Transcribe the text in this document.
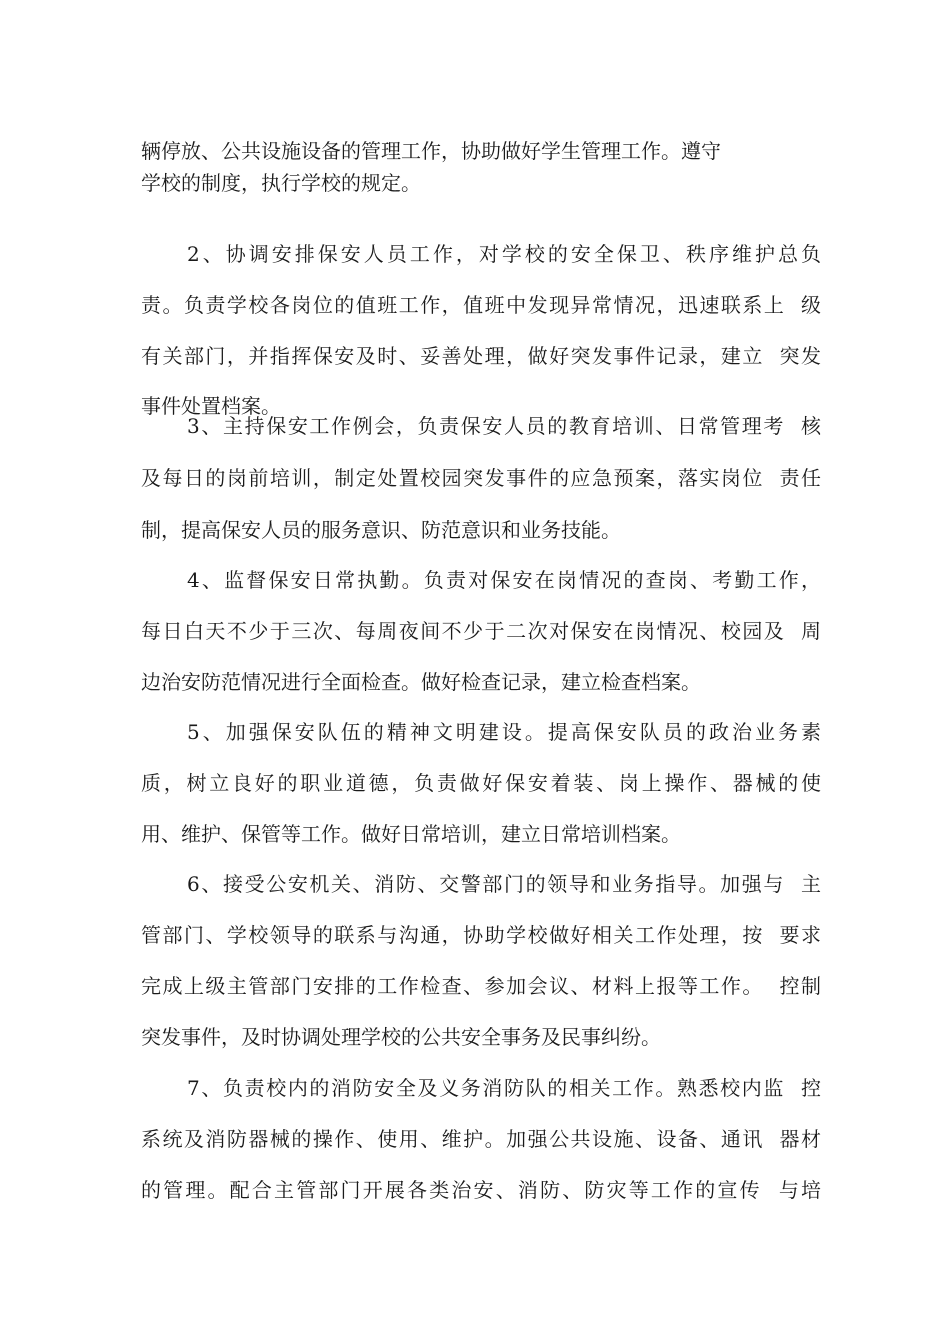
辆停放、公共设施设备的管理工作，协助做好学生管理工作。遵守
学校的制度，执行学校的规定。
2、协调安排保安人员工作，对学校的安全保卫、秩序维护总负
责。负责学校各岗位的值班工作，值班中发现异常情况，迅速联系上  级
有关部门，并指挥保安及时、妥善处理，做好突发事件记录，建立  突发
事件处置档案。
3、主持保安工作例会，负责保安人员的教育培训、日常管理考  核
及每日的岗前培训，制定处置校园突发事件的应急预案，落实岗位  责任
制，提高保安人员的服务意识、防范意识和业务技能。
4、监督保安日常执勤。负责对保安在岗情况的查岗、考勤工作，
每日白天不少于三次、每周夜间不少于二次对保安在岗情况、校园及  周
边治安防范情况进行全面检查。做好检查记录，建立检查档案。
5、加强保安队伍的精神文明建设。提高保安队员的政治业务素
质，树立良好的职业道德，负责做好保安着装、岗上操作、器械的使
用、维护、保管等工作。做好日常培训，建立日常培训档案。
6、接受公安机关、消防、交警部门的领导和业务指导。加强与  主
管部门、学校领导的联系与沟通，协助学校做好相关工作处理，按  要求
完成上级主管部门安排的工作检查、参加会议、材料上报等工作。  控制
突发事件，及时协调处理学校的公共安全事务及民事纠纷。
7、负责校内的消防安全及义务消防队的相关工作。熟悉校内监  控
系统及消防器械的操作、使用、维护。加强公共设施、设备、通讯  器材
的管理。配合主管部门开展各类治安、消防、防灾等工作的宣传  与培
